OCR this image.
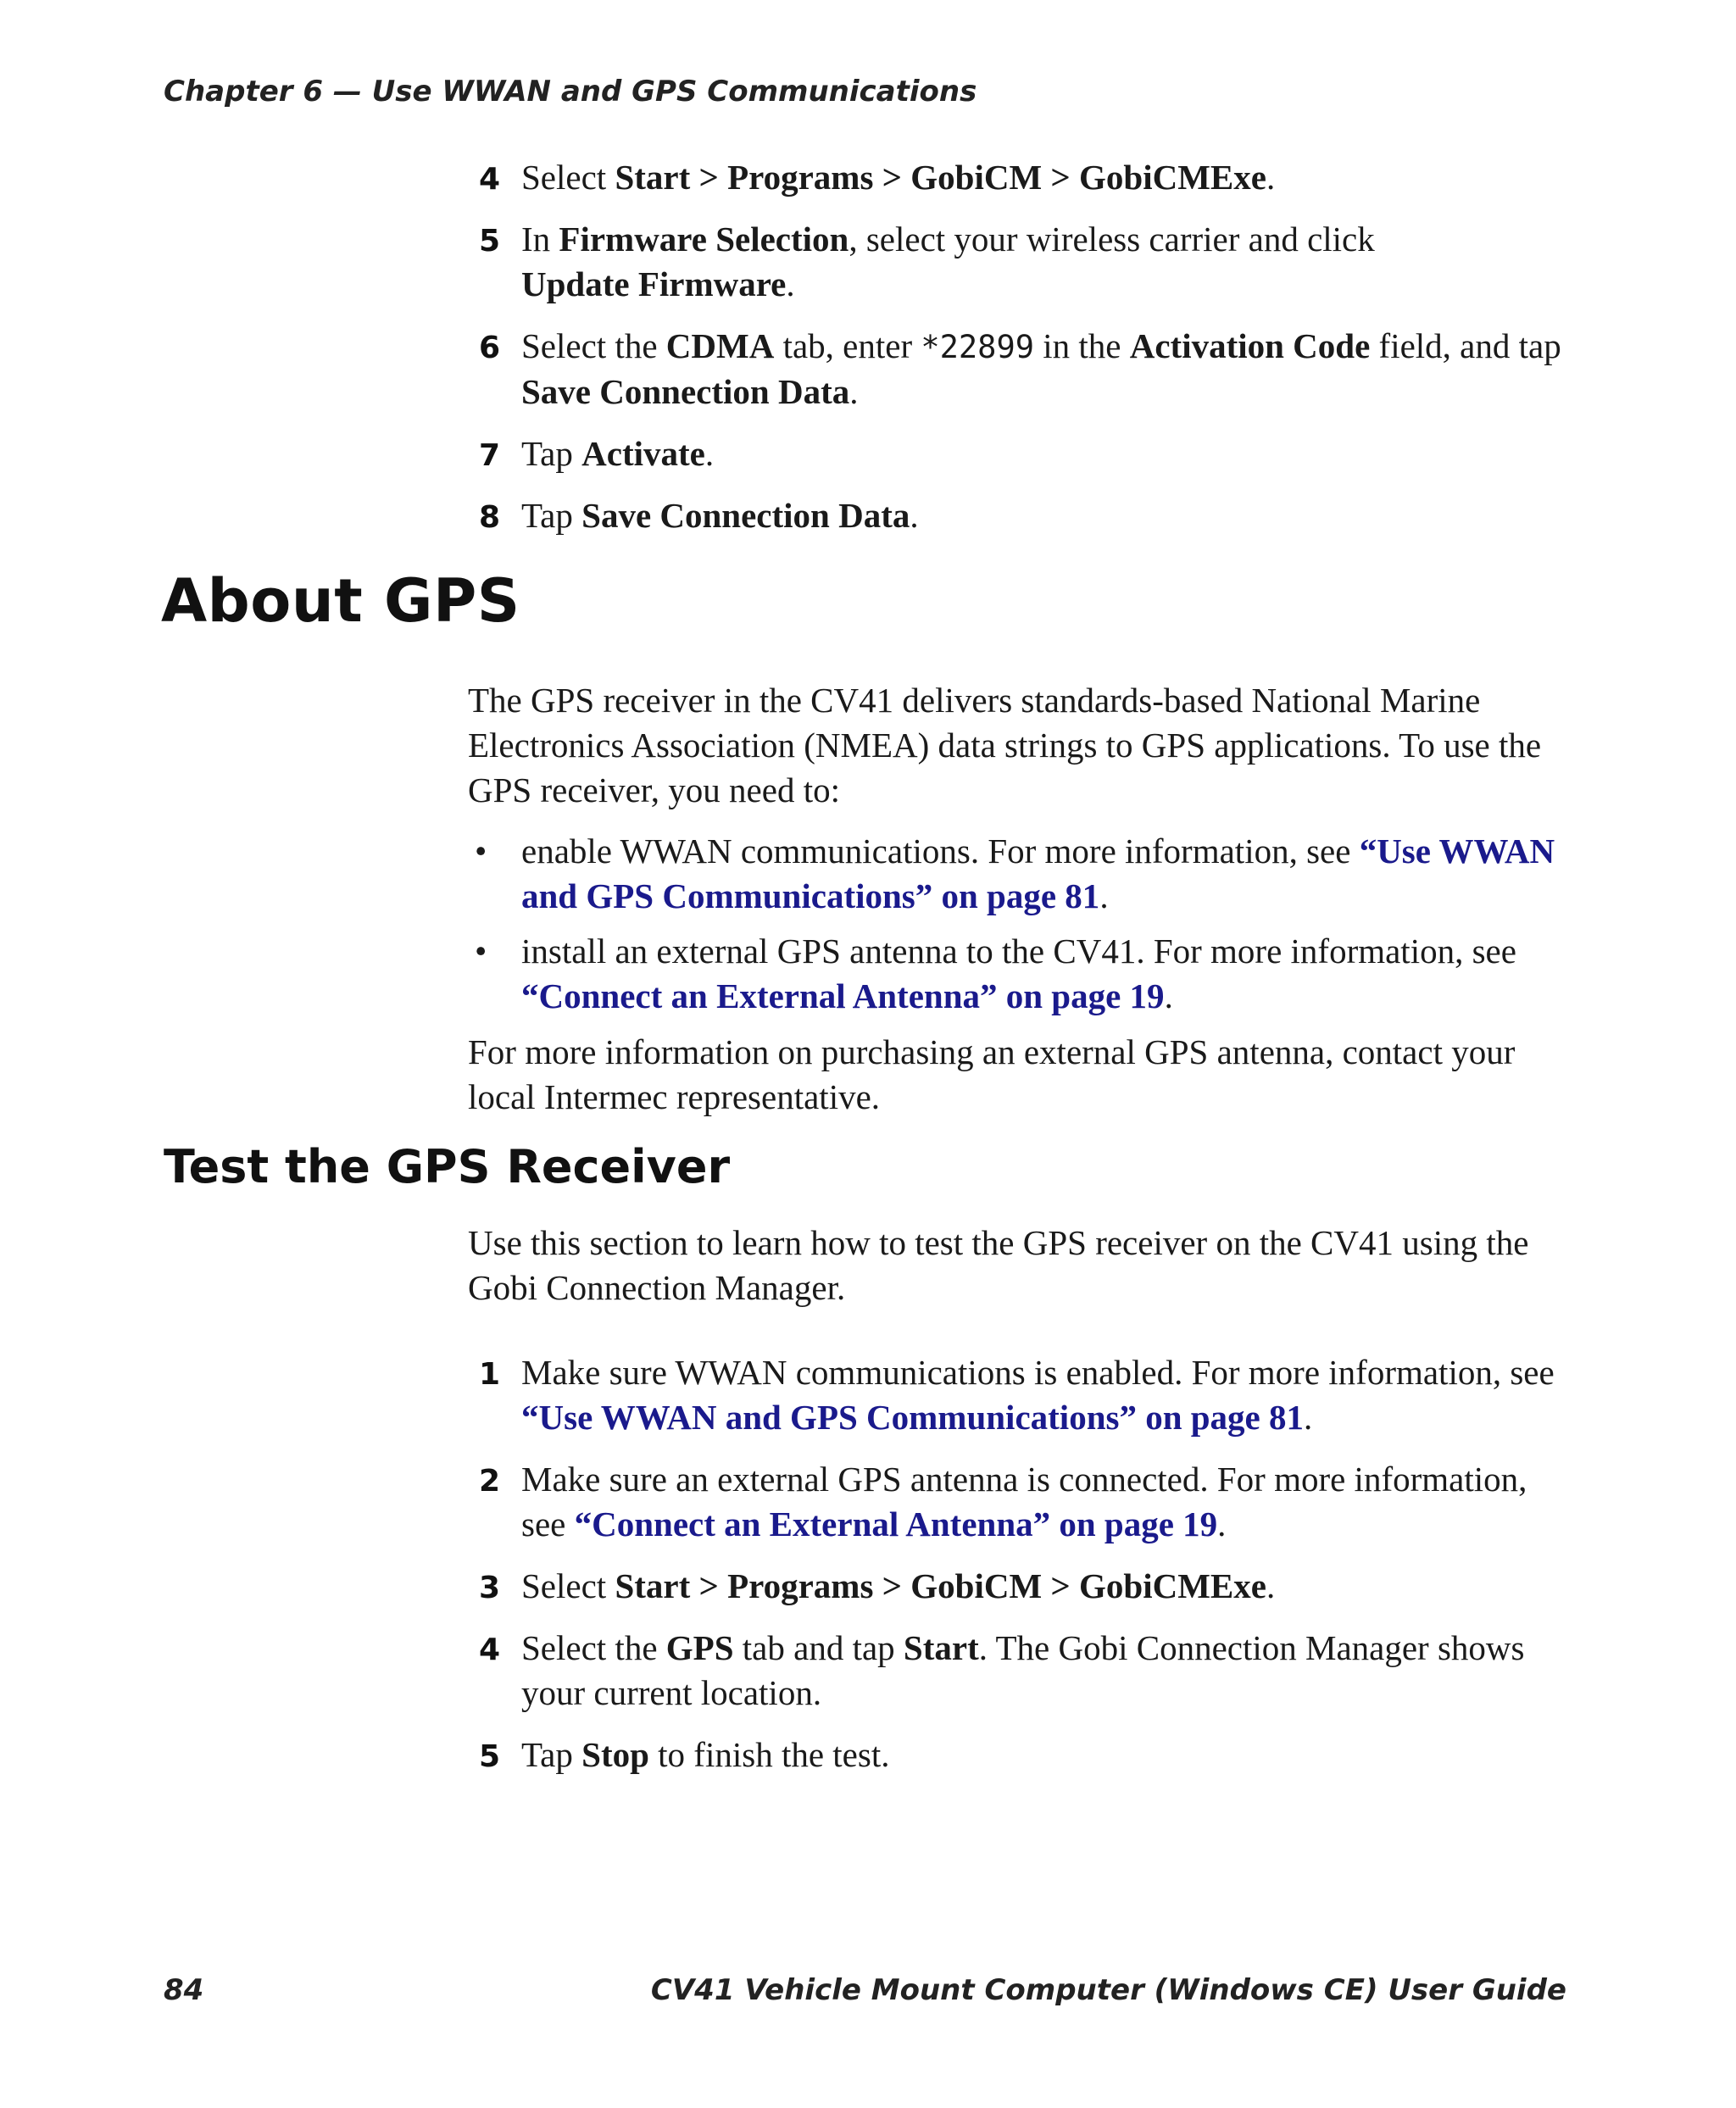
Chapter 6 — Use WWAN and GPS Communications
4 Select Start > Programs > GobiCM > GobiCMExe.
5 In Firmware Selection, select your wireless carrier and click
Update Firmware.
6 Select the CDMA tab, enter *22899 in the Activation Code field, and tap Save Connection Data.
7 Tap Activate.
8 Tap Save Connection Data.
About GPS
The GPS receiver in the CV41 delivers standards-based National Marine Electronics Association (NMEA) data strings to GPS applications. To use the GPS receiver, you need to:
• enable WWAN communications. For more information, see “Use WWAN and GPS Communications” on page 81.
• install an external GPS antenna to the CV41. For more information, see “Connect an External Antenna” on page 19.
For more information on purchasing an external GPS antenna, contact your local Intermec representative.
Test the GPS Receiver
Use this section to learn how to test the GPS receiver on the CV41 using the Gobi Connection Manager.
1 Make sure WWAN communications is enabled. For more information, see “Use WWAN and GPS Communications” on page 81.
2 Make sure an external GPS antenna is connected. For more information, see “Connect an External Antenna” on page 19.
3 Select Start > Programs > GobiCM > GobiCMExe.
4 Select the GPS tab and tap Start. The Gobi Connection Manager shows your current location.
5 Tap Stop to finish the test.
84	CV41 Vehicle Mount Computer (Windows CE) User Guide
